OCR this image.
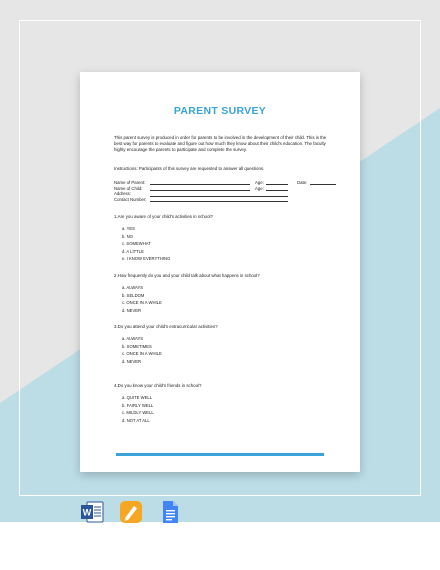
PARENT SURVEY
This parent survey is produced in order for parents to be involved in the development of their child. This is the best way for parents to evaluate and figure out how much they know about their child's education. The faculty highly encourage the parents to participate and complete the survey.
Instructions: Participants of this survey are requested to answer all questions.
Name of Parent:	Age:	Date:
Name of Child:	Age:
Address:
Contact Number:
1.Are you aware of your child's activities in school?
a. YES
b. NO
c. SOMEWHAT
d. A LITTLE
e. I KNOW EVERYTHING
2.How frequently do you and your child talk about what happens in school?
a. ALWAYS
b. SELDOM
c. ONCE IN A WHILE
d. NEVER
3.Do you attend your child's extracurricular activities?
a. ALWAYS
b. SOMETIMES
c. ONCE IN A WHILE
d. NEVER
4.Do you know your child's friends in school?
a. QUITE WELL
b. FAIRLY WELL
c. MILDLY WELL
d. NOT AT ALL
W
